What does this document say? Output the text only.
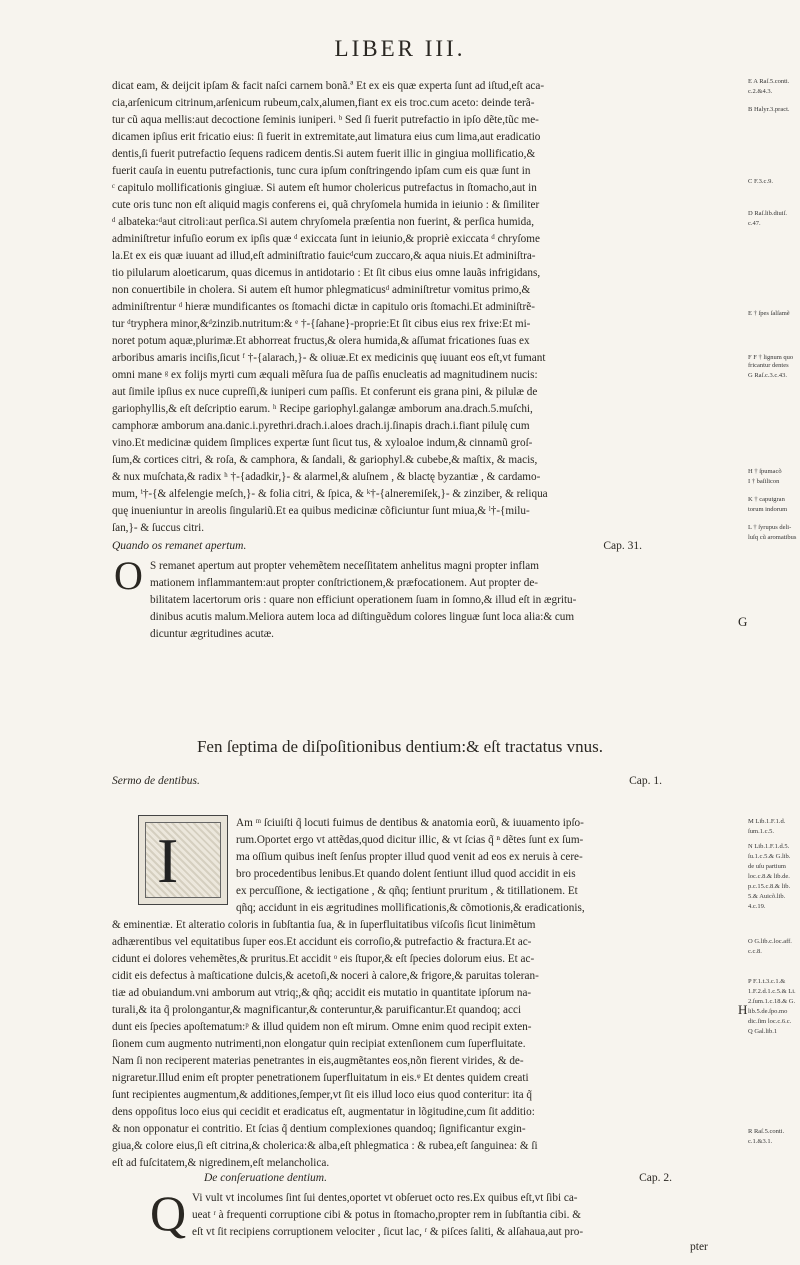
LIBER III.
dicat eam, & deijcit ipſam & facit naſci carnem bonã.ª Et ex eis quæ experta ſunt ad iſtud,eſt aca-
cia,arſenicum citrinum,arſenicum rubeum,calx,alumen,fiant ex eis troc.cum aceto: deinde terã-
tur cũ aqua mellis:aut decoctione ſeminis iuniperi. ᵇ Sed ſi fuerit putrefactio in ipſo dẽte,tũc me-
dicamen ipſius erit fricatio eius: ſi fuerit in extremitate,aut limatura eius cum lima,aut eradicatio
dentis,ſi fuerit putrefactio ſequens radicem dentis.Si autem fuerit illic in gingiua mollificatio,&
fuerit cauſa in euentu putrefactionis, tunc cura ipſum conſtringendo ipſam cum eis quæ ſunt in
ᶜ capitulo mollificationis gingiuæ. Si autem eſt humor cholericus putrefactus in ſtomacho,aut in
cute oris tunc non eſt aliquid magis conferens ei, quã chryſomela humida in ieiunio : & ſimiliter
ᵈ albateka:ᵈaut citroli:aut perſica.Si autem chryſomela præſentia non fuerint, & perſica humida,
adminiſtretur infuſio eorum ex ipſis quæ ᵈ exiccata ſunt in ieiunio,& propriè exiccata ᵈ chryſome
la.Et ex eis quæ iuuant ad illud,eſt adminiſtratio fauicᵈcum zuccaro,& aqua niuis.Et adminiſtra-
tio pilularum aloeticarum, quas dicemus in antidotario : Et ſit cibus eius omne lauãs infrigidans,
non conuertibile in cholera. Si autem eſt humor phlegmaticusᵈ adminiſtretur vomitus primo,&
adminiſtrentur ᵈ hieræ mundificantes os ſtomachi dictæ in capitulo oris ſtomachi.Et adminiſtrẽ-
tur ᵈtryphera minor,&ᵈzinzib.nutritum:& ᵉ †-{ſahane}-proprie:Et ſit cibus eius rex friɤe:Et mi-
noret potum aquæ,plurimæ.Et abhorreat fructus,& olera humida,& aſſumat fricationes ſuas ex
arboribus amaris inciſis,ſicut ᶠ †-{alarach,}- & oliuæ.Et ex medicinis quę iuuant eos eſt,vt fumant
omni mane ᵍ ex folijs myrti cum æquali mẽſura ſua de paſſis enucleatis ad magnitudinem nucis:
aut ſimile ipſius ex nuce cupreſſi,& iuniperi cum paſſis. Et conferunt eis grana pini, & pilulæ de
gariophyllis,& eſt deſcriptio earum. ʰ Recipe gariophyl.galangæ amborum ana.drach.5.muſchi,
camphoræ amborum ana.danic.i.pyrethri.drach.i.aloes drach.ij.ſinapis drach.i.fiant pilulę cum
vino.Et medicinæ quidem ſimplices expertæ ſunt ſicut tus, & xyloaloe indum,& cinnamũ groſ-
ſum,& cortices citri, & roſa, & camphora, & ſandali, & gariophyl.& cubebe,& maſtix, & macis,
& nux muſchata,& radix ʰ †-{adadkir,}- & alarmel,& aluſnem , & blactę byzantiæ , & cardamo-
mum, ⁱ†-{& alfelengie meſch,}- & folia citri, & ſpica, & ᵏ†-{alneremiſek,}- & zinziber, & reliqua
quę inueniuntur in areolis ſingulariũ.Et ea quibus medicinæ cõficiuntur ſunt miua,& ˡ†-{milu-
ſan,}- & ſuccus citri.
Quando os remanet apertum.	Cap. 31.
O S remanet apertum aut propter vehemẽtem neceſſitatem anhelitus magni propter inflam
mationem inflammantem:aut propter conſtrictionem,& præfocationem. Aut propter de-
bilitatem lacertorum oris : quare non efficiunt operationem ſuam in ſomno,& illud eſt in ægritu-
dinibus acutis malum.Meliora autem loca ad diſtinguẽdum colores linguæ ſunt loca alia:& cum
dicuntur ægritudines acutæ.
G
Fen ſeptima de diſpoſitionibus dentium:& eſt tractatus vnus.
Sermo de dentibus.	Cap. 1.
I
Am ᵐ ſciuiſti q̃ locuti fuimus de dentibus & anatomia eorũ, & iuuamento ipſo-
rum.Oportet ergo vt attẽdas,quod dicitur illic, & vt ſcias q̃ ⁿ dẽtes ſunt ex ſum-
ma oſſium quibus ineſt ſenſus propter illud quod venit ad eos ex neruis à cere-
bro procedentibus lenibus.Et quando dolent ſentiunt illud quod accidit in eis
ex percuſſione, & iectigatione , & qñq; ſentiunt pruritum , & titillationem. Et
qñq; accidunt in eis ægritudines mollificationis,& cõmotionis,& eradicationis,
& eminentiæ. Et alteratio coloris in ſubſtantia ſua, & in ſuperfluitatibus viſcoſis ſicut linimẽtum
adhærentibus vel equitatibus ſuper eos.Et accidunt eis corroſio,& putrefactio & fractura.Et ac-
cidunt ei dolores vehemẽtes,& pruritus.Et accidit ᵒ eis ſtupor,& eſt ſpecies dolorum eius. Et ac-
cidit eis defectus à maſticatione dulcis,& acetoſi,& noceri à calore,& frigore,& paruitas toleran-
tiæ ad obuiandum.vni amborum aut vtriq;,& qñq; accidit eis mutatio in quantitate ipſorum na-
turali,& ita q̃ prolongantur,& magnificantur,& conteruntur,& paruificantur.Et quandoq; acci
dunt eis ſpecies apoſtematum:ᵖ & illud quidem non eſt mirum. Omne enim quod recipit exten-
ſionem cum augmento nutrimenti,non elongatur quin recipiat extenſionem cum ſuperfluitate.
Nam ſi non reciperent materias penetrantes in eis,augmẽtantes eos,nõn fierent virides, & de-
nigraretur.Illud enim eſt propter penetrationem ſuperfluitatum in eis.ᵠ Et dentes quidem creati
ſunt recipientes augmentum,& additiones,ſemper,vt ſit eis illud loco eius quod conteritur: ita q̃
dens oppoſitus loco eius qui cecidit et eradicatus eſt, augmentatur in lõgitudine,cum ſit additio:
& non opponatur ei contritio. Et ſcias q̃ dentium complexiones quandoq; ſignificantur exgin-
giua,& colore eius,ſi eſt citrina,& cholerica:& alba,eſt phlegmatica : & rubea,eſt ſanguinea: & ſi
eſt ad fuſcitatem,& nigredinem,eſt melancholica.
H
De conſeruatione dentium.	Cap. 2.
Q Vi vult vt incolumes ſint ſui dentes,oportet vt obſeruet octo res.Ex quibus eſt,vt ſibi ca-
ueat ʳ à frequenti corruptione cibi & potus in ſtomacho,propter rem in ſubſtantia cibi. &
eſt vt ſit recipiens corruptionem velociter , ſicut lac, ʳ & piſces ſaliti, & alſahaua,aut pro-
pter
E A Raſ.5.conti.
c.2.&4.3.
B Halyr.3.pract.
C F.3.c.9.
D Raſ.lib.diuiſ.
c.47.
E † ſpes ſalſamẽ
F F † lignum quo
fricantur dentes
G Raſ.c.3.c.43.
H † ſpumacõ
I † baſilicon
K † caputgran
torum indorum
L † ſyrupus deli-
luſq cũ aromatibus
M Lib.1.F.1.d.
ſum.1.c.5.
N Lib.1.F.1.d.5.
ſu.1.c.5.& G.lib.
de uſu partium
loc.c.8.& lib.de.
p.c.15.c.8.& lib.
5.& Auicõ.lib.
4.c.19.
O G.lib.c.loc.aff.
c.c.8.
P F.1.t.3.c.1.&
1.F.2.d.1.c.5.& Li.
2.ſum.1.c.18.& G.
lib.5.de.ſpo.mo
dic.ſim loc.c.6.c.
Q Gal.lib.1
R Raſ.5.conti.
c.1.&3.1.
